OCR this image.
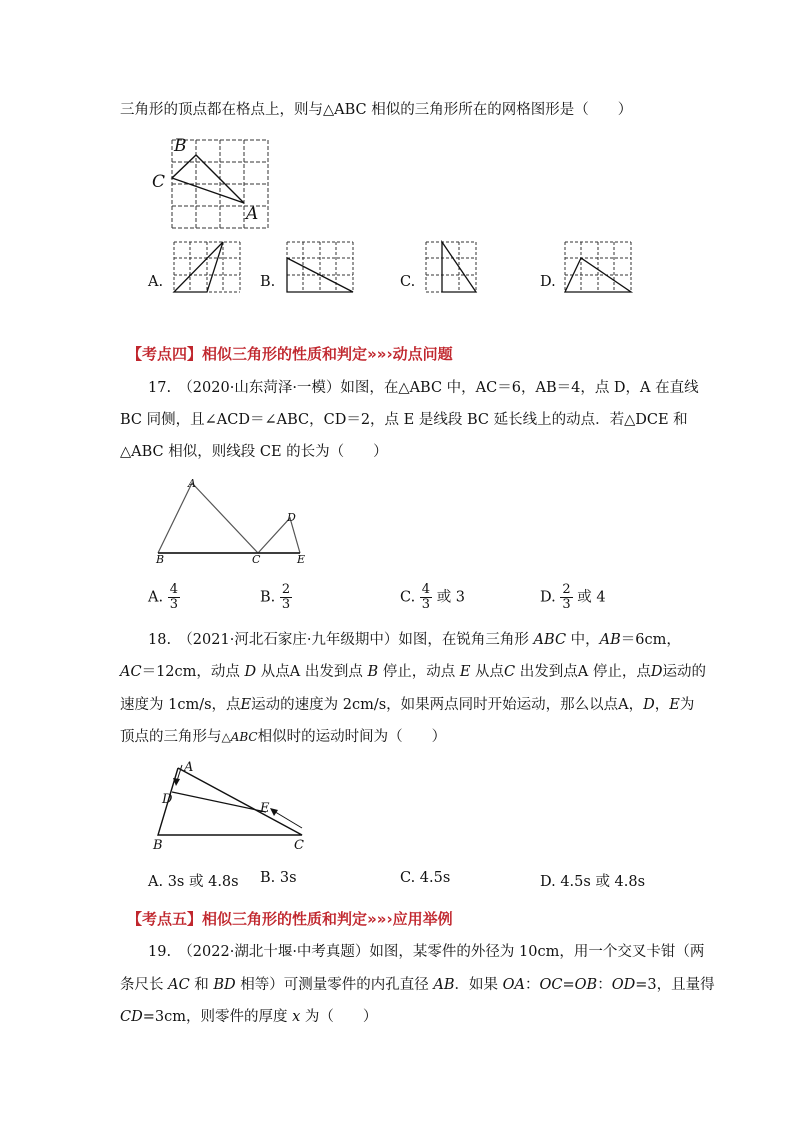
三角形的顶点都在格点上，则与△ABC 相似的三角形所在的网格图形是（　　）
B
C
A
A.	B.	C.	D.
【考点四】相似三角形的性质和判定»»›动点问题
17.　（2020·山东菏泽·一模）如图，在△ABC 中，AC＝6，AB＝4，点 D，A 在直线
BC 同侧，且∠ACD＝∠ABC，CD＝2，点 E 是线段 BC 延长线上的动点．若△DCE 和
△ABC 相似，则线段 CE 的长为（　　）
A
B	C
D
E
A. $\frac{4}{3}$	B. $\frac{2}{3}$	C. $\frac{4}{3}$ 或 3	D. $\frac{2}{3}$ 或 4
18.　（2021·河北石家庄·九年级期中）如图，在锐角三角形 ABC 中，AB＝6cm，
AC＝12cm，动点 D 从点A 出发到点 B 停止，动点 E 从点C 出发到点A 停止，点D运动的
速度为 1cm/s，点E运动的速度为 2cm/s，如果两点同时开始运动，那么以点A，D，E为
顶点的三角形与△ABC相似时的运动时间为（　　）
A
D
E
B	C
A. 3s 或 4.8s B. 3s	C. 4.5s	D. 4.5s 或 4.8s
【考点五】相似三角形的性质和判定»»›应用举例
19.　（2022·湖北十堰·中考真题）如图，某零件的外径为 10cm，用一个交叉卡钳（两
条尺长 AC 和 BD 相等）可测量零件的内孔直径 AB．如果 OA：OC=OB：OD=3，且量得
CD=3cm，则零件的厚度 x 为（　　）
